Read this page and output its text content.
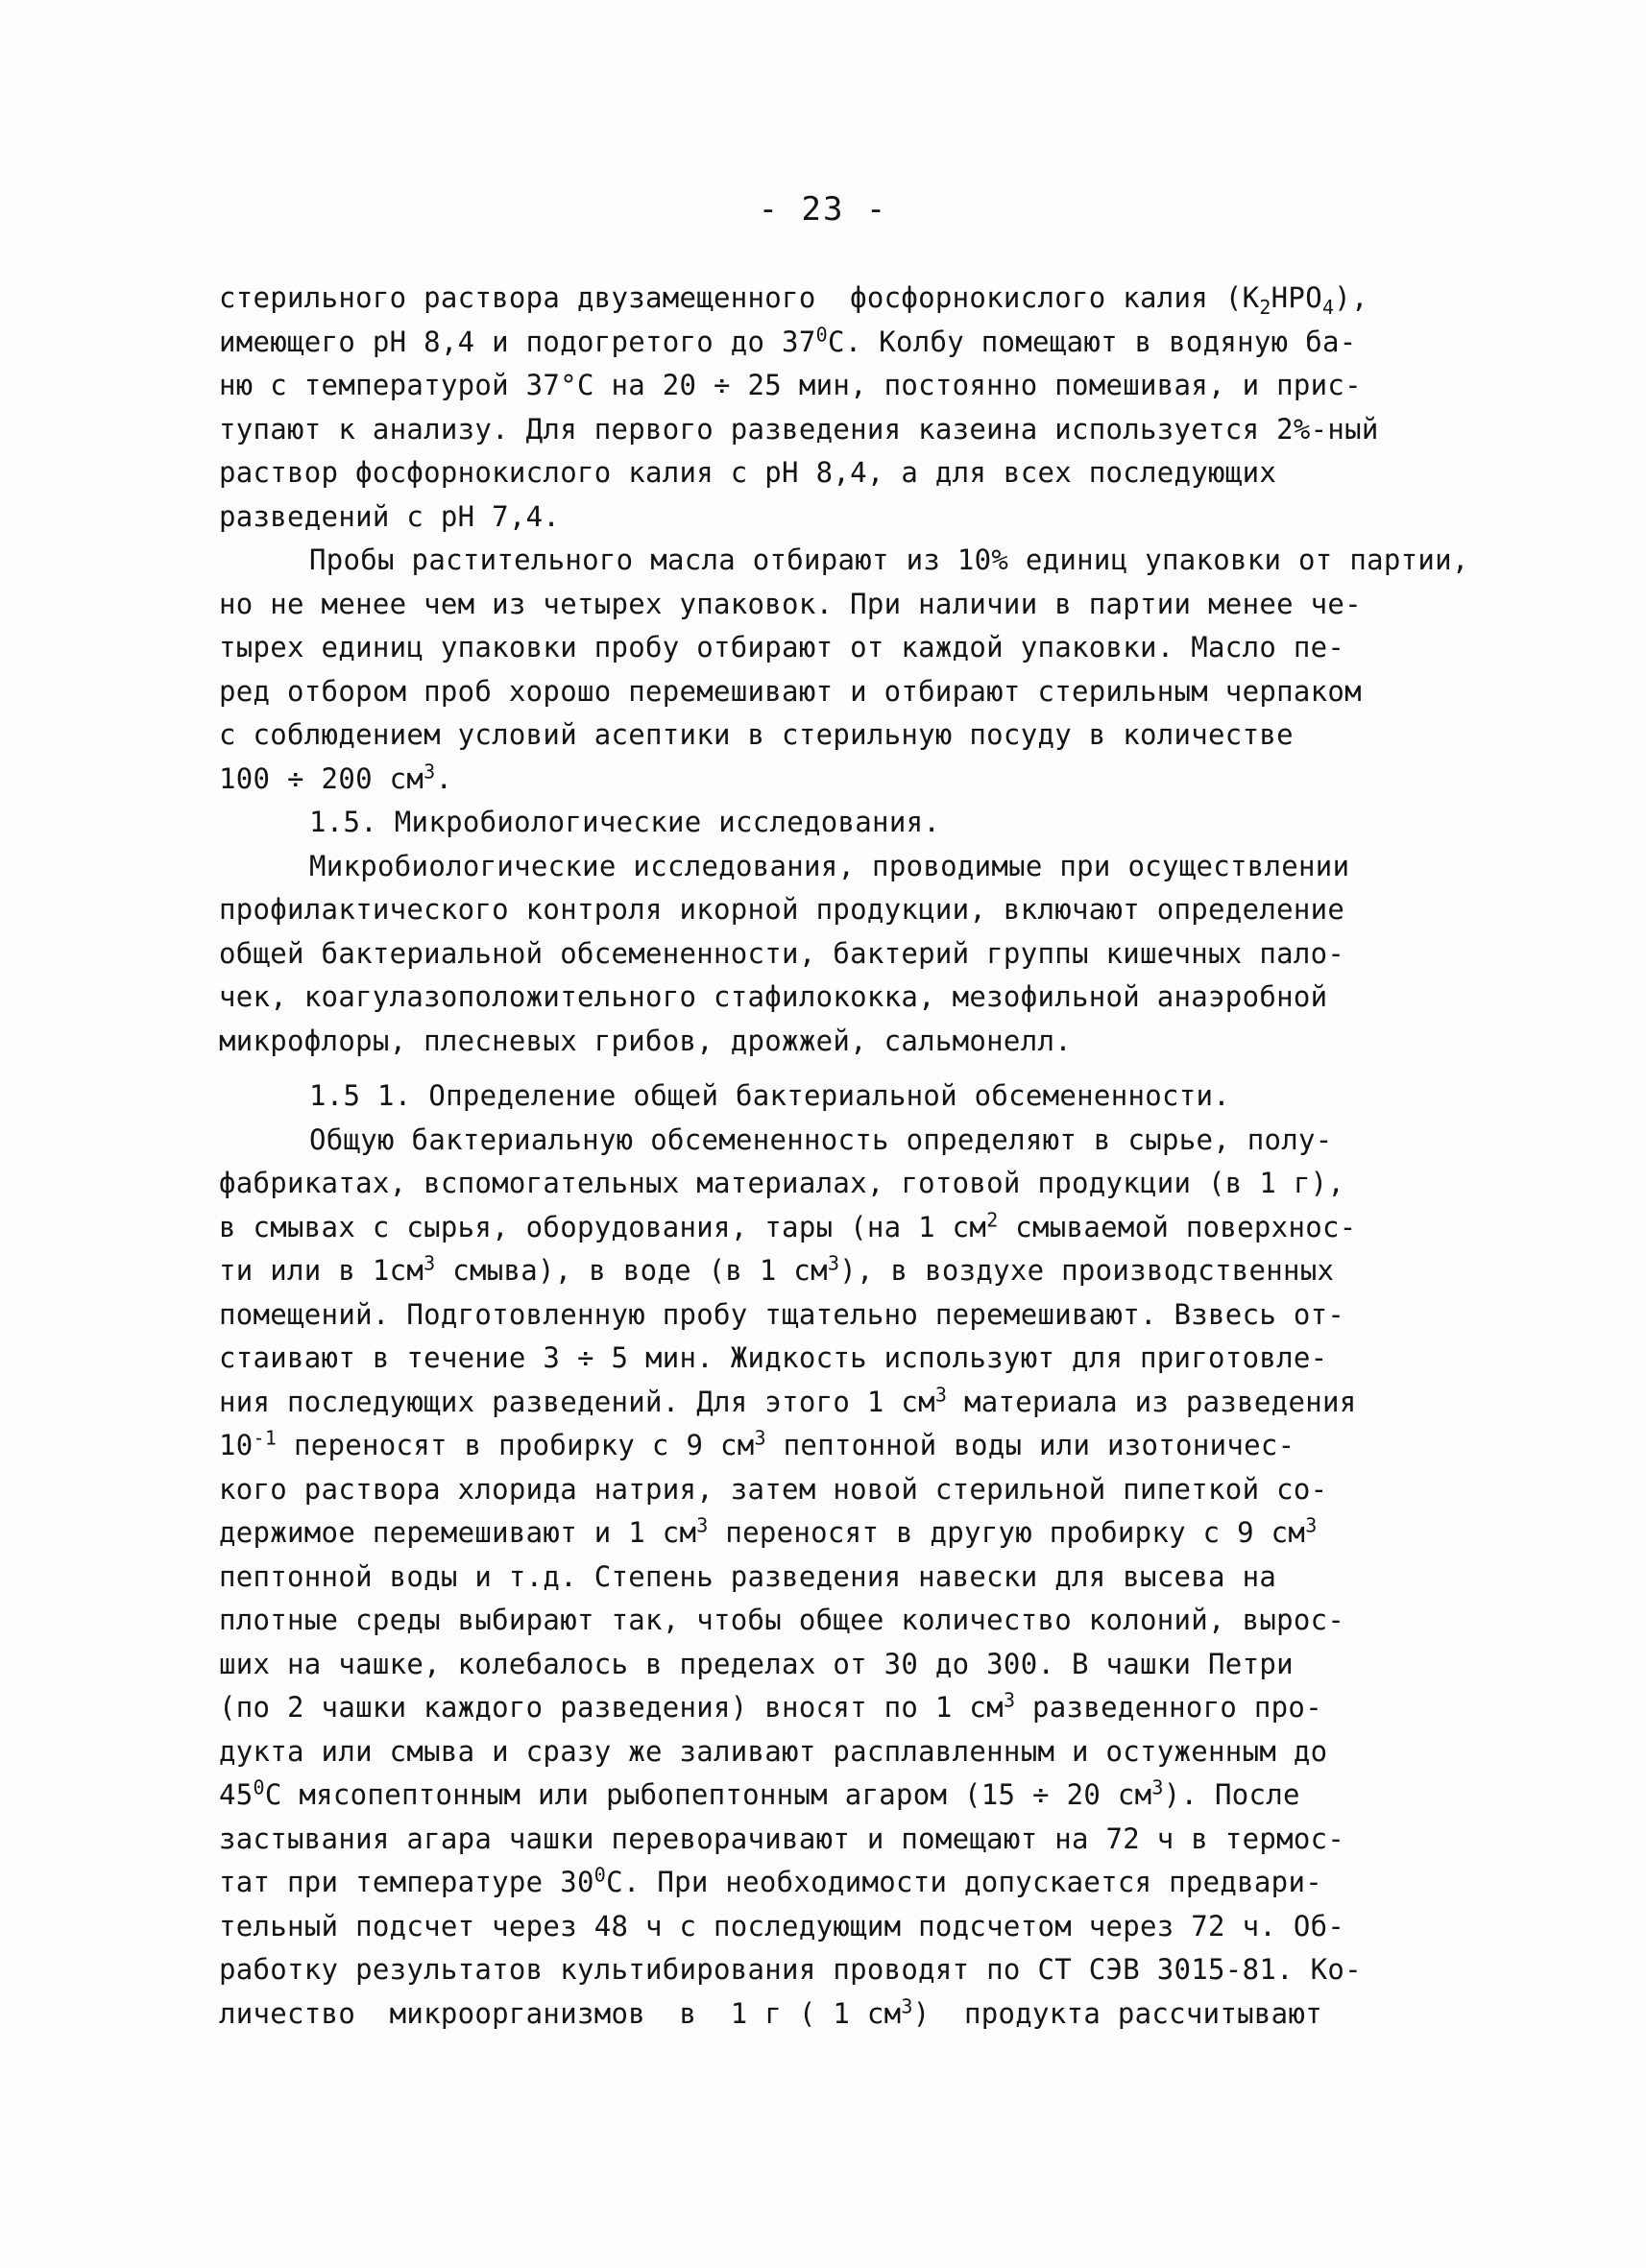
- 23 -
стерильного раствора двузамещенного  фосфорнокислого калия $(K_2HPO_4)$,
имеющего pH 8,4 и подогретого до $37^0С$. Колбу помещают в водяную ба-
ню с температурой 37°С на 20 ÷ 25 мин, постоянно помешивая, и прис-
тупают к анализу. Для первого разведения казеина используется 2%-ный
раствор фосфорнокислого калия с pH 8,4, а для всех последующих
разведений с pH 7,4.
Пробы растительного масла отбирают из 10% единиц упаковки от партии,
но не менее чем из четырех упаковок. При наличии в партии менее че-
тырех единиц упаковки пробу отбирают от каждой упаковки. Масло пе-
ред отбором проб хорошо перемешивают и отбирают стерильным черпаком
с соблюдением условий асептики в стерильную посуду в количестве
100 ÷ 200 $см^3$.
1.5. Микробиологические исследования.
Микробиологические исследования, проводимые при осуществлении
профилактического контроля икорной продукции, включают определение
общей бактериальной обсемененности, бактерий группы кишечных пало-
чек, коагулазоположительного стафилококка, мезофильной анаэробной
микрофлоры, плесневых грибов, дрожжей, сальмонелл.
1.5 1. Определение общей бактериальной обсемененности.
Общую бактериальную обсемененность определяют в сырье, полу-
фабрикатах, вспомогательных материалах, готовой продукции (в 1 г),
в смывах с сырья, оборудования, тары (на 1 $см^2$ смываемой поверхнос-
ти или в $1см^3$ смыва), в воде (в 1 $см^3$), в воздухе производственных
помещений. Подготовленную пробу тщательно перемешивают. Взвесь от-
стаивают в течение 3 ÷ 5 мин. Жидкость используют для приготовле-
ния последующих разведений. Для этого 1 $см^3$ материала из разведения
$10^{-1}$ переносят в пробирку с 9 $см^3$ пептонной воды или изотоничес-
кого раствора хлорида натрия, затем новой стерильной пипеткой со-
держимое перемешивают и 1 $см^3$ переносят в другую пробирку с 9 $см^3$
пептонной воды и т.д. Степень разведения навески для высева на
плотные среды выбирают так, чтобы общее количество колоний, вырос-
ших на чашке, колебалось в пределах от 30 до 300. В чашки Петри
(по 2 чашки каждого разведения) вносят по 1 $см^3$ разведенного про-
дукта или смыва и сразу же заливают расплавленным и остуженным до
$45^0С$ мясопептонным или рыбопептонным агаром (15 ÷ 20 $см^3$). После
застывания агара чашки переворачивают и помещают на 72 ч в термос-
тат при температуре $30^0С$. При необходимости допускается предвари-
тельный подсчет через 48 ч с последующим подсчетом через 72 ч. Об-
работку результатов культибирования проводят по СТ СЭВ 3015-81. Ко-
личество  микроорганизмов  в  1 г ( 1 $см^3$)  продукта рассчитывают
